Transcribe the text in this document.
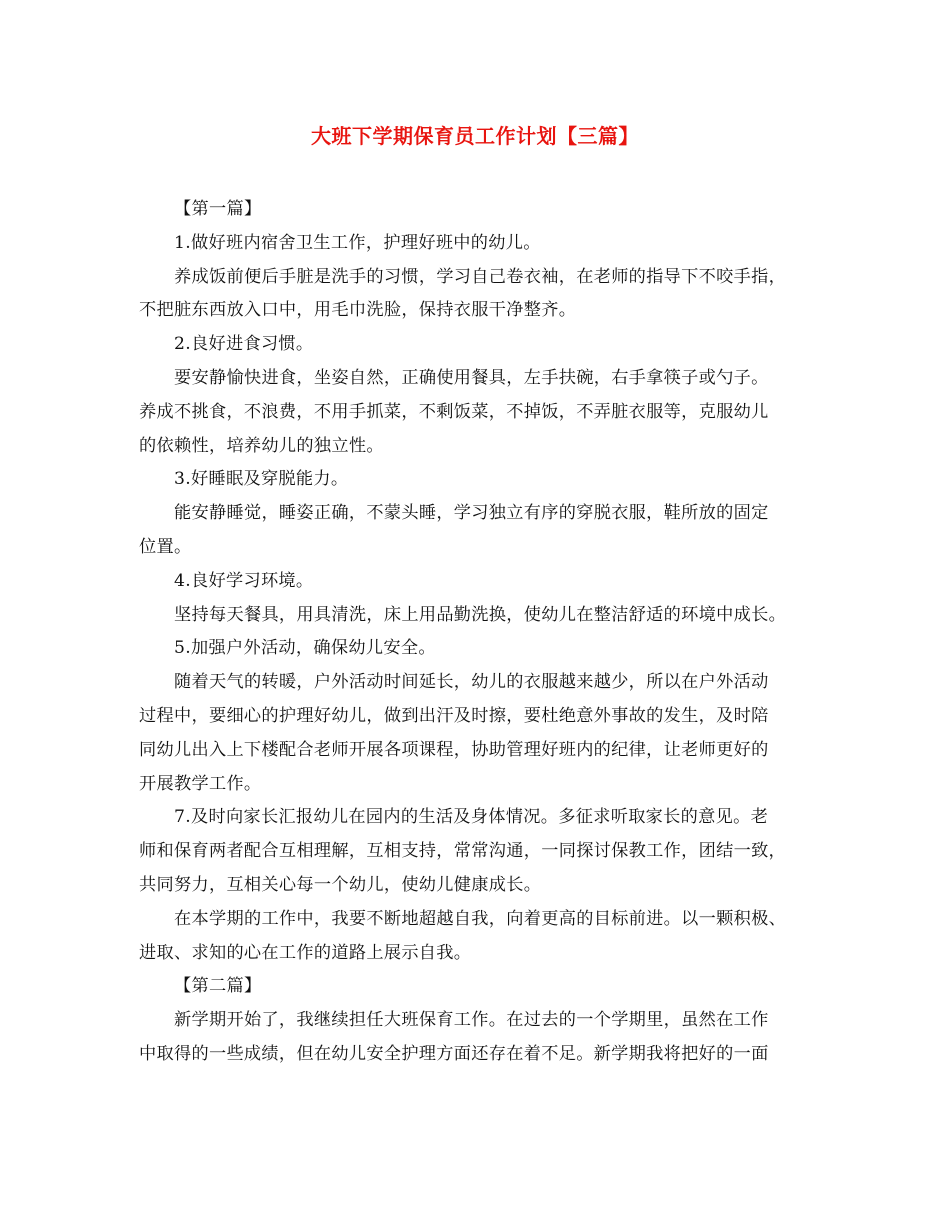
大班下学期保育员工作计划【三篇】
【第一篇】
1.做好班内宿舍卫生工作，护理好班中的幼儿。
养成饭前便后手脏是洗手的习惯，学习自己卷衣袖，在老师的指导下不咬手指，
不把脏东西放入口中，用毛巾洗脸，保持衣服干净整齐。
2.良好进食习惯。
要安静愉快进食，坐姿自然，正确使用餐具，左手扶碗，右手拿筷子或勺子。
养成不挑食，不浪费，不用手抓菜，不剩饭菜，不掉饭，不弄脏衣服等，克服幼儿
的依赖性，培养幼儿的独立性。
3.好睡眠及穿脱能力。
能安静睡觉，睡姿正确，不蒙头睡，学习独立有序的穿脱衣服，鞋所放的固定
位置。
4.良好学习环境。
坚持每天餐具，用具清洗，床上用品勤洗换，使幼儿在整洁舒适的环境中成长。
5.加强户外活动，确保幼儿安全。
随着天气的转暖，户外活动时间延长，幼儿的衣服越来越少，所以在户外活动
过程中，要细心的护理好幼儿，做到出汗及时擦，要杜绝意外事故的发生，及时陪
同幼儿出入上下楼配合老师开展各项课程，协助管理好班内的纪律，让老师更好的
开展教学工作。
7.及时向家长汇报幼儿在园内的生活及身体情况。多征求听取家长的意见。老
师和保育两者配合互相理解，互相支持，常常沟通，一同探讨保教工作，团结一致，
共同努力，互相关心每一个幼儿，使幼儿健康成长。
在本学期的工作中，我要不断地超越自我，向着更高的目标前进。以一颗积极、
进取、求知的心在工作的道路上展示自我。
【第二篇】
新学期开始了，我继续担任大班保育工作。在过去的一个学期里，虽然在工作
中取得的一些成绩，但在幼儿安全护理方面还存在着不足。新学期我将把好的一面
